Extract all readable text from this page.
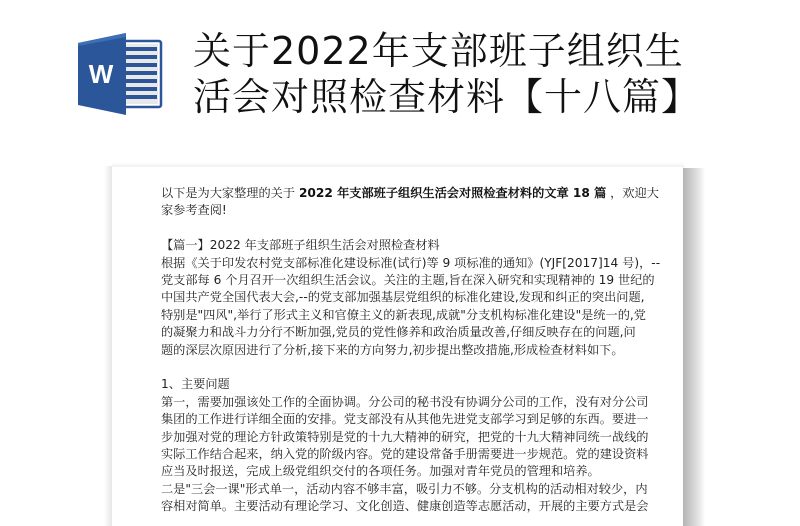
W
关于2022年支部班子组织生
活会对照检查材料【十八篇】

以下是为大家整理的关于 2022 年支部班子组织生活会对照检查材料的文章 18 篇 ，欢迎大
家参考查阅!

【篇一】2022 年支部班子组织生活会对照检查材料

根据《关于印发农村党支部标准化建设标准(试行)等 9 项标准的通知》(YJF[2017]14 号)，--
党支部每 6 个月召开一次组织生活会议。关注的主题,旨在深入研究和实现精神的 19 世纪的
中国共产党全国代表大会,--的党支部加强基层党组织的标准化建设,发现和纠正的突出问题,
特别是"四风",举行了形式主义和官僚主义的新表现,成就"分支机构标准化建设"是统一的,党
的凝聚力和战斗力分行不断加强,党员的党性修养和政治质量改善,仔细反映存在的问题,问
题的深层次原因进行了分析,接下来的方向努力,初步提出整改措施,形成检查材料如下。

1、主要问题

第一，需要加强该处工作的全面协调。分公司的秘书没有协调分公司的工作，没有对分公司
集团的工作进行详细全面的安排。党支部没有从其他先进党支部学习到足够的东西。要进一
步加强对党的理论方针政策特别是党的十九大精神的研究，把党的十九大精神同统一战线的
实际工作结合起来，纳入党的阶级内容。党的建设常备手册需要进一步规范。党的建设资料
应当及时报送，完成上级党组织交付的各项任务。加强对青年党员的管理和培养。
二是"三会一课"形式单一，活动内容不够丰富，吸引力不够。分支机构的活动相对较少，内
容相对简单。主要活动有理论学习、文化创造、健康创造等志愿活动，开展的主要方式是会
